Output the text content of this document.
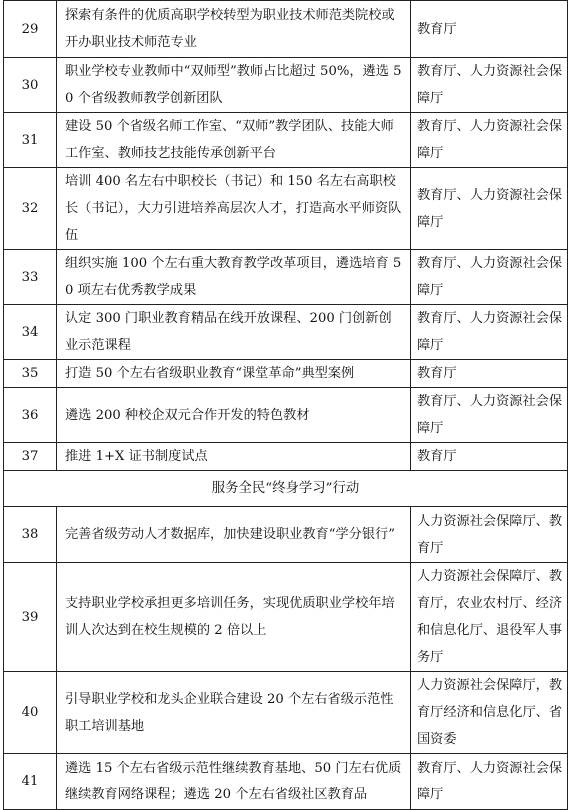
29	探索有条件的优质高职学校转型为职业技术师范类院校或开办职业技术师范专业	教育厅
30	职业学校专业教师中“双师型”教师占比超过 50%，遴选 50 个省级教师教学创新团队	教育厅、人力资源社会保障厅
31	建设 50 个省级名师工作室、“双师”教学团队、技能大师工作室、教师技艺技能传承创新平台	教育厅、人力资源社会保障厅
32	培训 400 名左右中职校长（书记）和 150 名左右高职校长（书记），大力引进培养高层次人才，打造高水平师资队伍	教育厅、人力资源社会保障厅
33	组织实施 100 个左右重大教育教学改革项目，遴选培育 50 项左右优秀教学成果	教育厅、人力资源社会保障厅
34	认定 300 门职业教育精品在线开放课程、200 门创新创业示范课程	教育厅、人力资源社会保障厅
35	打造 50 个左右省级职业教育“课堂革命”典型案例	教育厅
36	遴选 200 种校企双元合作开发的特色教材	教育厅、人力资源社会保障厅
37	推进 1+X 证书制度试点	教育厅
服务全民“终身学习”行动		
38	完善省级劳动人才数据库，加快建设职业教育“学分银行”	人力资源社会保障厅、教育厅
39	支持职业学校承担更多培训任务，实现优质职业学校年培训人次达到在校生规模的 2 倍以上	人力资源社会保障厅、教育厅，农业农村厅、经济和信息化厅、退役军人事务厅
40	引导职业学校和龙头企业联合建设 20 个左右省级示范性职工培训基地	人力资源社会保障厅，教育厅经济和信息化厅、省国资委
41	遴选 15 个左右省级示范性继续教育基地、50 门左右优质继续教育网络课程；遴选 20 个左右省级社区教育品	教育厅、人力资源社会保障厅
